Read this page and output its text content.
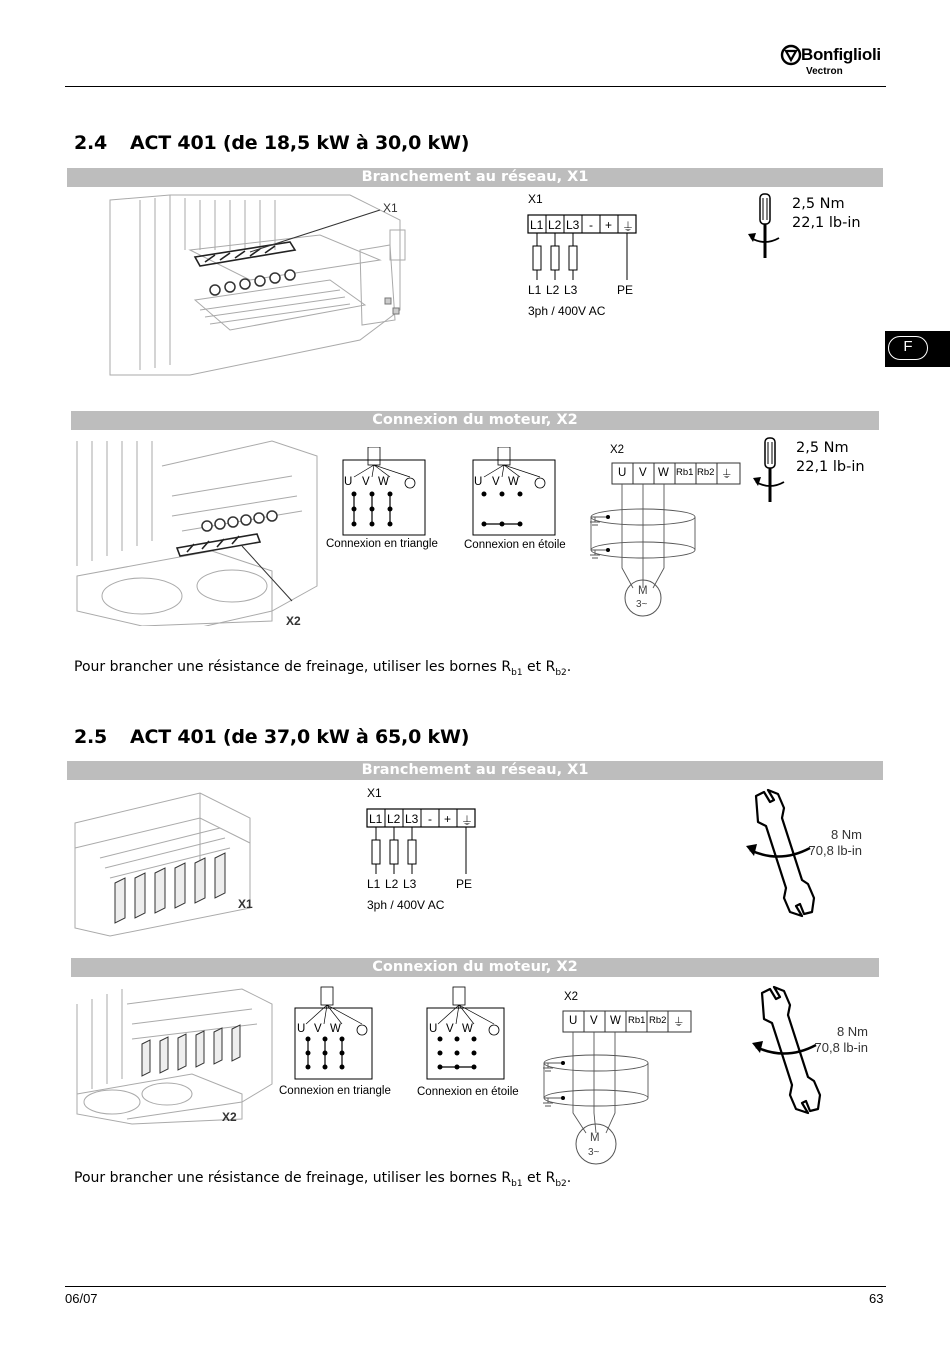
Bonfiglioli
Vectron
F
2.4 ACT 401 (de 18,5 kW à 30,0 kW)
Branchement au réseau, X1
X1
X1
L1 L2 L3 - + ⏚
L1 L2 L3	PE
3ph / 400V AC
2,5 Nm
22,1 lb-in
Connexion du moteur, X2
X2
U V W
Connexion en triangle
U V W
Connexion en étoile
X2
U V W Rb1 Rb2 ⏚
M
3~
2,5 Nm
22,1 lb-in
Pour brancher une résistance de freinage, utiliser les bornes $R_{b1}$ et $R_{b2}$.
2.5 ACT 401 (de 37,0 kW à 65,0 kW)
Branchement au réseau, X1
X1
X1
L1 L2 L3 - + ⏚
L1 L2 L3	PE
3ph / 400V AC
8 Nm
70,8 lb-in
Connexion du moteur, X2
X2
U V W
Connexion en triangle
U V W
Connexion en étoile
X2
U V W Rb1 Rb2 ⏚
M
3~
8 Nm
70,8 lb-in
Pour brancher une résistance de freinage, utiliser les bornes $R_{b1}$ et $R_{b2}$.
06/07	63
